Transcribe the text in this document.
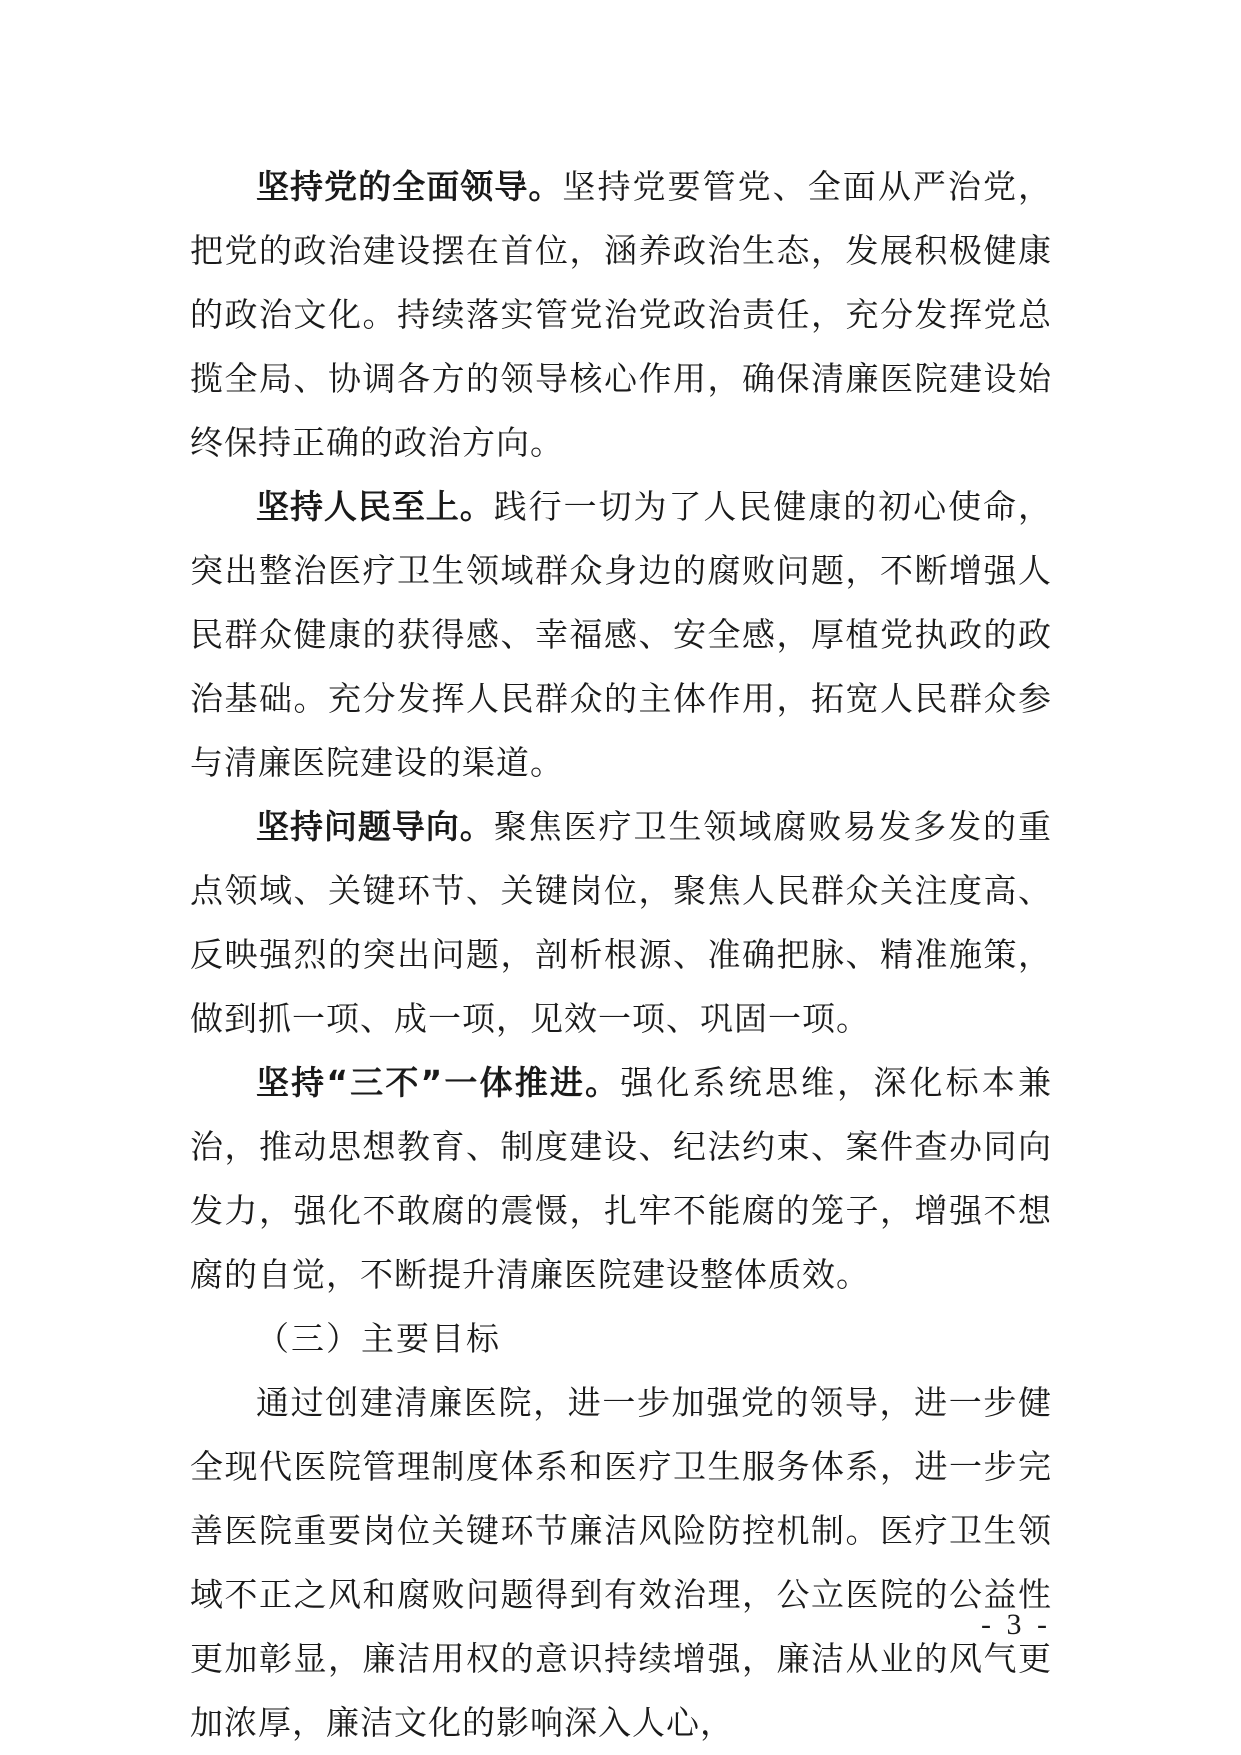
坚持党的全面领导。坚持党要管党、全面从严治党，把党的政治建设摆在首位，涵养政治生态，发展积极健康的政治文化。持续落实管党治党政治责任，充分发挥党总揽全局、协调各方的领导核心作用，确保清廉医院建设始终保持正确的政治方向。

坚持人民至上。践行一切为了人民健康的初心使命，突出整治医疗卫生领域群众身边的腐败问题，不断增强人民群众健康的获得感、幸福感、安全感，厚植党执政的政治基础。充分发挥人民群众的主体作用，拓宽人民群众参与清廉医院建设的渠道。

坚持问题导向。聚焦医疗卫生领域腐败易发多发的重点领域、关键环节、关键岗位，聚焦人民群众关注度高、反映强烈的突出问题，剖析根源、准确把脉、精准施策，做到抓一项、成一项，见效一项、巩固一项。

坚持“三不”一体推进。强化系统思维，深化标本兼治，推动思想教育、制度建设、纪法约束、案件查办同向发力，强化不敢腐的震慑，扎牢不能腐的笼子，增强不想腐的自觉，不断提升清廉医院建设整体质效。

（三）主要目标

通过创建清廉医院，进一步加强党的领导，进一步健全现代医院管理制度体系和医疗卫生服务体系，进一步完善医院重要岗位关键环节廉洁风险防控机制。医疗卫生领域不正之风和腐败问题得到有效治理，公立医院的公益性更加彰显，廉洁用权的意识持续增强，廉洁从业的风气更加浓厚，廉洁文化的影响深入人心，

- 3 -
